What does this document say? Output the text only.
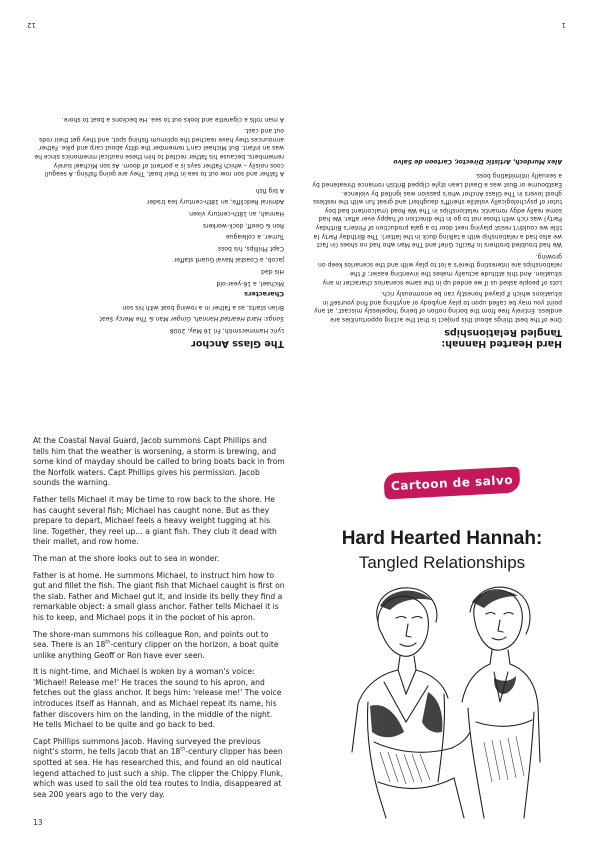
1
12
Hard Hearted Hannah:
Tangled Relationships

One of the best things about this project is that the acting opportunities are endless. Entirely free from the boring notion of being 'hopelessly miscast', at any point you may be called upon to play anybody or anything and find yourself in situations which if played honestly can be enormously rich.

Lots of people asked us if we ended up in the same scenarios character in any situation. And this attitude actually makes the inventing easier; if the relationships are interesting there's a lot to play with and the scenarios keep on growing.

We had troubled brothers in Pacific Grief and The Man who had no shoes (in fact we also had a relationship with a talking duck in the latter). The Birthday Party (a title we couldn't resist playing next door to a gala production of Pinter's Birthday Party) was rich with those not to go in the direction of happy ever after. We had some really edgy romantic relationships in The We Road (malcontent bad boy tutor of psychologically volatile sheriff's daughter) and great fun with the restless ghost lovers in The Glass Anchor who's passion was ignited by violence. Eastbourne or Bust was a David Lean style clipped British romance threatened by a sexually intimidating boss.

Alex Murdoch, Artistic Director, Cartoon de Salvo

The Glass Anchor

Lyric Hammersmith, Fri 16 May, 2008

Songs: Hard Hearted Hannah, Ginger Man & The Mercy Seat

Brian starts, as a father in a rowing boat with his son

Characters

Michael, a 16-year-old

His dad

Jacob, a Coastal Naval Guard staffer

Capt Phillips, his boss

Turner, a colleague

Ron & Geoff, dock-workers

Hannah, an 18th-century vixen

Admiral Redcliffe, an 18th-century tea trader

A big fish

A father and son row out to sea in their boat. They are going fishing. A seagull coos noisily – which Father says is a portent of doom. As son Michael surely remembers, because his father recited to him these nautical mnemonics since he was an infant. But Michael can't remember the ditty about carp and pike. Father announces they have reached the optimum fishing spot, and they get their rods out and cast.

A man rolls a cigarette and looks out to sea. He beckons a boat to shore.

At the Coastal Naval Guard, Jacob summons Capt Phillips and tells him that the weather is worsening, a storm is brewing, and some kind of mayday should be called to bring boats back in from the Norfolk waters. Capt Phillips gives his permission. Jacob sounds the warning.

Father tells Michael it may be time to row back to the shore. He has caught several fish; Michael has caught none. But as they prepare to depart, Michael feels a heavy weight tugging at his line. Together, they reel up… a giant fish. They club it dead with their mallet, and row home.

The man at the shore looks out to sea in wonder.

Father is at home. He summons Michael, to instruct him how to gut and fillet the fish. The giant fish that Michael caught is first on the slab. Father and Michael gut it, and inside its belly they find a remarkable object: a small glass anchor. Father tells Michael it is his to keep, and Michael pops it in the pocket of his apron.

The shore-man summons his colleague Ron, and points out to sea. There is an 18th-century clipper on the horizon, a boat quite unlike anything Geoff or Ron have ever seen.

It is night-time, and Michael is woken by a woman's voice: 'Michael! Release me!' He traces the sound to his apron, and fetches out the glass anchor. It begs him: 'release me!' The voice introduces itself as Hannah, and as Michael repeat its name, his father discovers him on the landing, in the middle of the night. He tells Michael to be quite and go back to bed.

Capt Phillips summons Jacob. Having surveyed the previous night's storm, he tells Jacob that an 18th-century clipper has been spotted at sea. He has researched this, and found an old nautical legend attached to just such a ship. The clipper the Chippy Flunk, which was used to sail the old tea routes to India, disappeared at sea 200 years ago to the very day.

13
Cartoon de salvo
Hard Hearted Hannah:
Tangled Relationships
